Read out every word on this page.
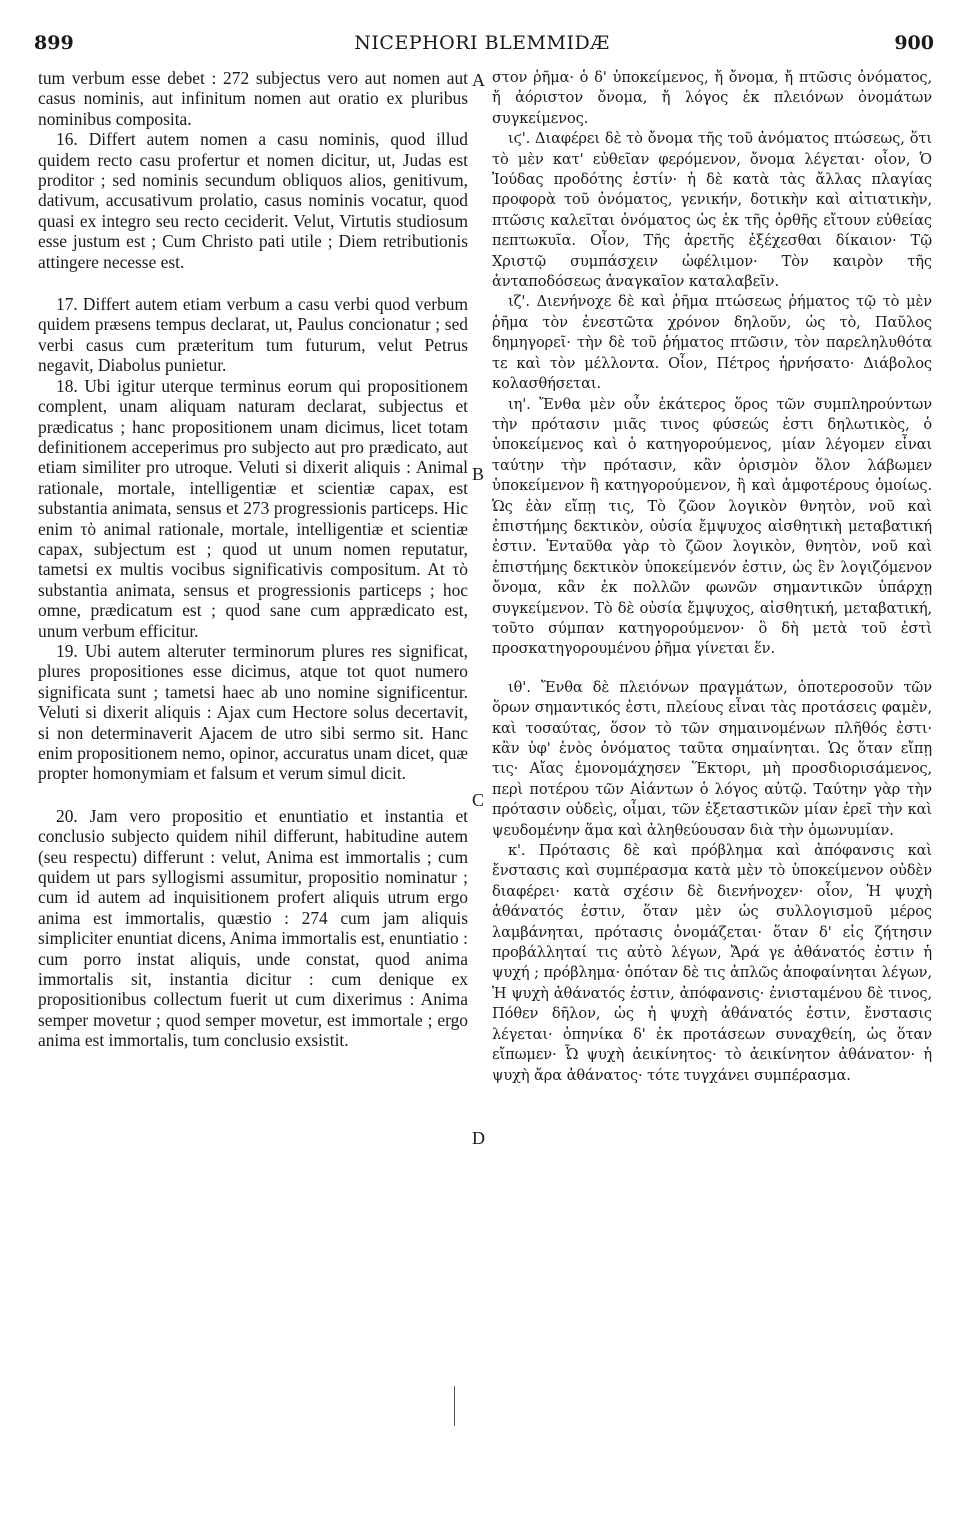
899	NICEPHORI BLEMMIDÆ	900

tum verbum esse debet : 272 subjectus vero aut nomen aut casus nominis, aut infinitum nomen aut oratio ex pluribus nominibus composita.

16. Differt autem nomen a casu nominis, quod illud quidem recto casu profertur et nomen dicitur, ut, Judas est proditor ; sed nominis secundum obliquos alios, genitivum, dativum, accusativum prolatio, casus nominis vocatur, quod quasi ex integro seu recto ceciderit. Velut, Virtutis studiosum esse justum est ; Cum Christo pati utile ; Diem retributionis attingere necesse est.

17. Differt autem etiam verbum a casu verbi quod verbum quidem præsens tempus declarat, ut, Paulus concionatur ; sed verbi casus cum præteritum tum futurum, velut Petrus negavit, Diabolus punietur.

18. Ubi igitur uterque terminus eorum qui propositionem complent, unam aliquam naturam declarat, subjectus et prædicatus ; hanc propositionem unam dicimus, licet totam definitionem acceperimus pro subjecto aut pro prædicato, aut etiam similiter pro utroque. Veluti si dixerit aliquis : Animal rationale, mortale, intelligentiæ et scientiæ capax, est substantia animata, sensus et 273 progressionis particeps. Hic enim τὸ animal rationale, mortale, intelligentiæ et scientiæ capax, subjectum est ; quod ut unum nomen reputatur, tametsi ex multis vocibus significativis compositum. At τὸ substantia animata, sensus et progressionis particeps ; hoc omne, prædicatum est ; quod sane cum apprædicato est, unum verbum efficitur.

19. Ubi autem alteruter terminorum plures res significat, plures propositiones esse dicimus, atque tot quot numero significata sunt ; tametsi haec ab uno nomine significentur. Veluti si dixerit aliquis : Ajax cum Hectore solus decertavit, si non determinaverit Ajacem de utro sibi sermo sit. Hanc enim propositionem nemo, opinor, accuratus unam dicet, quæ propter homonymiam et falsum et verum simul dicit.

20. Jam vero propositio et enuntiatio et instantia et conclusio subjecto quidem nihil differunt, habitudine autem (seu respectu) differunt : velut, Anima est immortalis ; cum quidem ut pars syllogismi assumitur, propositio nominatur ; cum id autem ad inquisitionem profert aliquis utrum ergo anima est immortalis, quæstio : 274 cum jam aliquis simpliciter enuntiat dicens, Anima immortalis est, enuntiatio : cum porro instat aliquis, unde constat, quod anima immortalis sit, instantia dicitur : cum denique ex propositionibus collectum fuerit ut cum dixerimus : Anima semper movetur ; quod semper movetur, est immortale ; ergo anima est immortalis, tum conclusio exsistit.

στον ῥῆμα· ὁ δ' ὑποκείμενος, ἤ ὄνομα, ἤ πτῶσις ὀνόματος, ἤ ἀόριστον ὄνομα, ἤ λόγος ἐκ πλειόνων ὀνομάτων συγκείμενος.

ιϛ'. Διαφέρει δὲ τὸ ὄνομα τῆς τοῦ ἀνόματος πτώσεως, ὅτι τὸ μὲν κατ' εὐθεῖαν φερόμενον, ὄνομα λέγεται· οἷον, Ὁ Ἰούδας προδότης ἐστίν· ἡ δὲ κατὰ τὰς ἄλλας πλαγίας προφορὰ τοῦ ὀνόματος, γενικήν, δοτικὴν καὶ αἰτιατικὴν, πτῶσις καλεῖται ὀνόματος ὡς ἐκ τῆς ὀρθῆς εἴτουν εὐθείας πεπτωκυῖα. Οἷον, Τῆς ἀρετῆς ἐξέχεσθαι δίκαιον· Τῷ Χριστῷ συμπάσχειν ὠφέλιμον· Τὸν καιρὸν τῆς ἀνταποδόσεως ἀναγκαῖον καταλαβεῖν.

ιζ'. Διενήνοχε δὲ καὶ ῥῆμα πτώσεως ῥήματος τῷ τὸ μὲν ῥῆμα τὸν ἐνεστῶτα χρόνον δηλοῦν, ὡς τὸ, Παῦλος δημηγορεῖ· τὴν δὲ τοῦ ῥήματος πτῶσιν, τὸν παρεληλυθότα τε καὶ τὸν μέλλοντα. Οἷον, Πέτρος ἠρνήσατο· Διάβολος κολασθήσεται.

ιη'. Ἔνθα μὲν οὖν ἑκάτερος ὅρος τῶν συμπληρούντων τὴν πρότασιν μιᾶς τινος φύσεώς ἐστι δηλωτικὸς, ὁ ὑποκείμενος καὶ ὁ κατηγορούμενος, μίαν λέγομεν εἶναι ταύτην τὴν πρότασιν, κἂν ὁρισμὸν ὅλον λάβωμεν ὑποκείμενον ἢ κατηγορούμενον, ἢ καὶ ἀμφοτέρους ὁμοίως. Ὡς ἐὰν εἴπῃ τις, Τὸ ζῶον λογικὸν θνητὸν, νοῦ καὶ ἐπιστήμης δεκτικὸν, οὐσία ἔμψυχος αἰσθητικὴ μεταβατική ἐστιν. Ἐνταῦθα γὰρ τὸ ζῶον λογικὸν, θνητὸν, νοῦ καὶ ἐπιστήμης δεκτικὸν ὑποκείμενόν ἐστιν, ὡς ἓν λογιζόμενον ὄνομα, κἂν ἐκ πολλῶν φωνῶν σημαντικῶν ὑπάρχῃ συγκείμενον. Τὸ δὲ οὐσία ἔμψυχος, αἰσθητική, μεταβατική, τοῦτο σύμπαν κατηγορούμενον· ὃ δὴ μετὰ τοῦ ἐστὶ προσκατηγορουμένου ῥῆμα γίνεται ἕν.

ιθ'. Ἔνθα δὲ πλειόνων πραγμάτων, ὁποτεροσοῦν τῶν ὅρων σημαντικός ἐστι, πλείους εἶναι τὰς προτάσεις φαμὲν, καὶ τοσαύτας, ὅσον τὸ τῶν σημαινομένων πλῆθός ἐστι· κἂν ὑφ' ἑνὸς ὀνόματος ταῦτα σημαίνηται. Ὡς ὅταν εἴπῃ τις· Αἴας ἐμονομάχησεν Ἕκτορι, μὴ προσδιορισάμενος, περὶ ποτέρου τῶν Αἰάντων ὁ λόγος αὐτῷ. Ταύτην γὰρ τὴν πρότασιν οὐδεὶς, οἶμαι, τῶν ἐξεταστικῶν μίαν ἐρεῖ τὴν καὶ ψευδομένην ἅμα καὶ ἀληθεύουσαν διὰ τὴν ὁμωνυμίαν.

κ'. Πρότασις δὲ καὶ πρόβλημα καὶ ἀπόφανσις καὶ ἔνστασις καὶ συμπέρασμα κατὰ μὲν τὸ ὑποκείμενον οὐδὲν διαφέρει· κατὰ σχέσιν δὲ διενήνοχεν· οἷον, Ἡ ψυχὴ ἀθάνατός ἐστιν, ὅταν μὲν ὡς συλλογισμοῦ μέρος λαμβάνηται, πρότασις ὀνομάζεται· ὅταν δ' εἰς ζήτησιν προβάλληταί τις αὐτὸ λέγων, Ἄρά γε ἀθάνατός ἐστιν ἡ ψυχή ; πρόβλημα· ὁπόταν δὲ τις ἁπλῶς ἀποφαίνηται λέγων, Ἡ ψυχὴ ἀθάνατός ἐστιν, ἀπόφανσις· ἐνισταμένου δὲ τινος, Πόθεν δῆλον, ὡς ἡ ψυχὴ ἀθάνατός ἐστιν, ἔνστασις λέγεται· ὁπηνίκα δ' ἐκ προτάσεων συναχθείη, ὡς ὅταν εἴπωμεν· Ὦ ψυχὴ ἀεικίνητος· τὸ ἀεικίνητον ἀθάνατον· ἡ ψυχὴ ἄρα ἀθάνατος· τότε τυγχάνει συμπέρασμα.

A
B
C
D
